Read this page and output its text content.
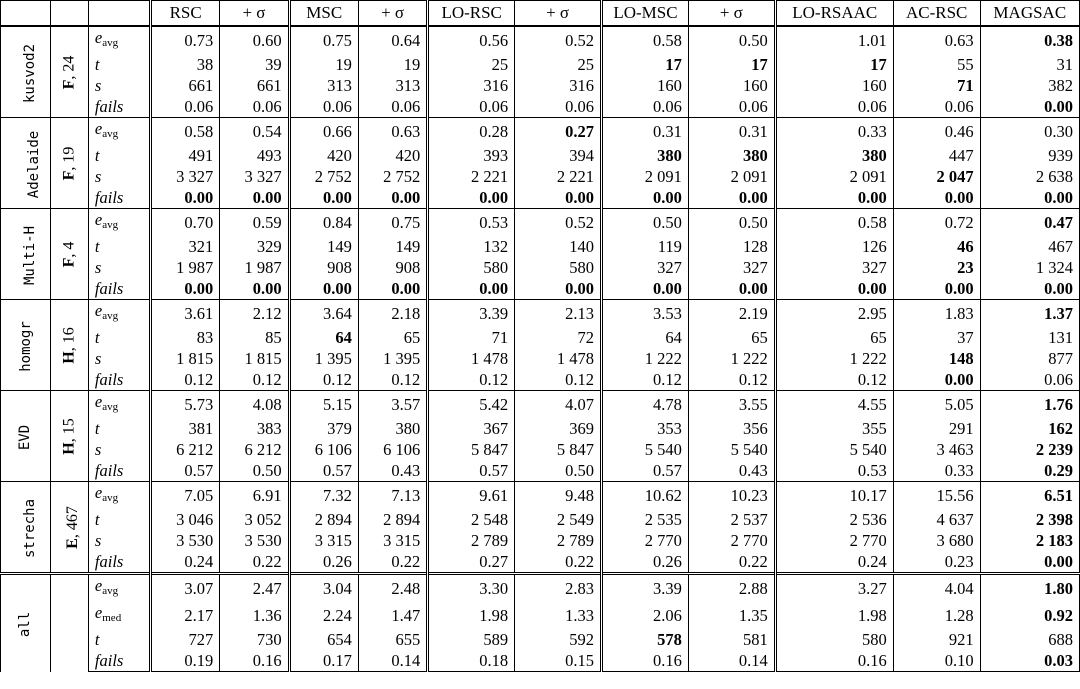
			RSC	+ σ	MSC	+ σ	LO-RSC	+ σ	LO-MSC	+ σ	LO-RSAAC	AC-RSC	MAGSAC
kusvod2	F, 24	$e_{avg}$	0.73	0.60	0.75	0.64	0.56	0.52	0.58	0.50	1.01	0.63	0.38
		t	38	39	19	19	25	25	17	17	17	55	31
		s	661	661	313	313	316	316	160	160	160	71	382
		fails	0.06	0.06	0.06	0.06	0.06	0.06	0.06	0.06	0.06	0.06	0.00
Adelaide	F, 19	$e_{avg}$	0.58	0.54	0.66	0.63	0.28	0.27	0.31	0.31	0.33	0.46	0.30
		t	491	493	420	420	393	394	380	380	380	447	939
		s	3 327	3 327	2 752	2 752	2 221	2 221	2 091	2 091	2 091	2 047	2 638
		fails	0.00	0.00	0.00	0.00	0.00	0.00	0.00	0.00	0.00	0.00	0.00
Multi-H	F, 4	$e_{avg}$	0.70	0.59	0.84	0.75	0.53	0.52	0.50	0.50	0.58	0.72	0.47
		t	321	329	149	149	132	140	119	128	126	46	467
		s	1 987	1 987	908	908	580	580	327	327	327	23	1 324
		fails	0.00	0.00	0.00	0.00	0.00	0.00	0.00	0.00	0.00	0.00	0.00
homogr	H, 16	$e_{avg}$	3.61	2.12	3.64	2.18	3.39	2.13	3.53	2.19	2.95	1.83	1.37
		t	83	85	64	65	71	72	64	65	65	37	131
		s	1 815	1 815	1 395	1 395	1 478	1 478	1 222	1 222	1 222	148	877
		fails	0.12	0.12	0.12	0.12	0.12	0.12	0.12	0.12	0.12	0.00	0.06
EVD	H, 15	$e_{avg}$	5.73	4.08	5.15	3.57	5.42	4.07	4.78	3.55	4.55	5.05	1.76
		t	381	383	379	380	367	369	353	356	355	291	162
		s	6 212	6 212	6 106	6 106	5 847	5 847	5 540	5 540	5 540	3 463	2 239
		fails	0.57	0.50	0.57	0.43	0.57	0.50	0.57	0.43	0.53	0.33	0.29
strecha	E, 467	$e_{avg}$	7.05	6.91	7.32	7.13	9.61	9.48	10.62	10.23	10.17	15.56	6.51
		t	3 046	3 052	2 894	2 894	2 548	2 549	2 535	2 537	2 536	4 637	2 398
		s	3 530	3 530	3 315	3 315	2 789	2 789	2 770	2 770	2 770	3 680	2 183
		fails	0.24	0.22	0.26	0.22	0.27	0.22	0.26	0.22	0.24	0.23	0.00
all		$e_{avg}$	3.07	2.47	3.04	2.48	3.30	2.83	3.39	2.88	3.27	4.04	1.80
		$e_{med}$	2.17	1.36	2.24	1.47	1.98	1.33	2.06	1.35	1.98	1.28	0.92
		t	727	730	654	655	589	592	578	581	580	921	688
		fails	0.19	0.16	0.17	0.14	0.18	0.15	0.16	0.14	0.16	0.10	0.03
